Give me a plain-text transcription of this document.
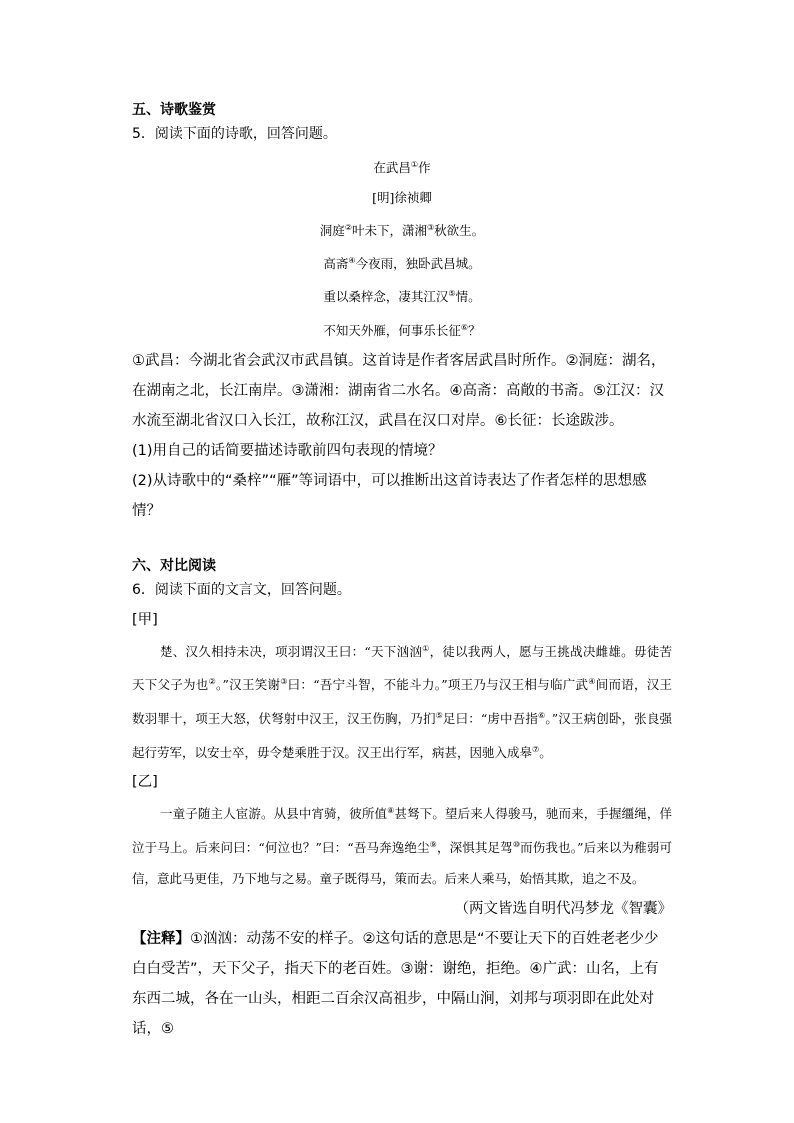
五、诗歌鉴赏

5．阅读下面的诗歌，回答问题。

在武昌①作

[明]徐祯卿

洞庭②叶未下，潇湘③秋欲生。

高斋④今夜雨，独卧武昌城。

重以桑梓念，凄其江汉⑤情。

不知天外雁，何事乐长征⑥？

①武昌：今湖北省会武汉市武昌镇。这首诗是作者客居武昌时所作。②洞庭：湖名，在湖南之北，长江南岸。③潇湘：湖南省二水名。④高斋：高敞的书斋。⑤江汉：汉水流至湖北省汉口入长江，故称江汉，武昌在汉口对岸。⑥长征：长途跋涉。

(1)用自己的话简要描述诗歌前四句表现的情境？

(2)从诗歌中的“桑梓”“雁”等词语中，可以推断出这首诗表达了作者怎样的思想感情？

六、对比阅读

6．阅读下面的文言文，回答问题。

[甲]

楚、汉久相持未决，项羽谓汉王曰：“天下汹汹①，徒以我两人，愿与王挑战决雌雄。毋徒苦天下父子为也②。”汉王笑谢③曰：“吾宁斗智，不能斗力。”项王乃与汉王相与临广武④间而语，汉王数羽罪十，项王大怒，伏弩射中汉王，汉王伤胸，乃扪⑤足曰：“虏中吾指⑥。”汉王病创卧，张良强起行劳军，以安士卒，毋令楚乘胜于汉。汉王出行军，病甚，因驰入成皋⑦。

[乙]

一童子随主人宦游。从县中宵骑，彼所值⑧甚驽下。望后来人得骏马，驰而来，手握缰绳，佯泣于马上。后来问曰：“何泣也？”曰：“吾马奔逸绝尘⑨，深惧其足驾⑩而伤我也。”后来以为稚弱可信，意此马更佳，乃下地与之易。童子既得马，策而去。后来人乘马，始悟其欺，追之不及。

（两文皆选自明代冯梦龙《智囊》

【注释】①汹汹：动荡不安的样子。②这句话的意思是“不要让天下的百姓老老少少白白受苦”，天下父子，指天下的老百姓。③谢：谢绝，拒绝。④广武：山名，上有东西二城，各在一山头，相距二百余汉高祖步，中隔山涧，刘邦与项羽即在此处对话，⑤
